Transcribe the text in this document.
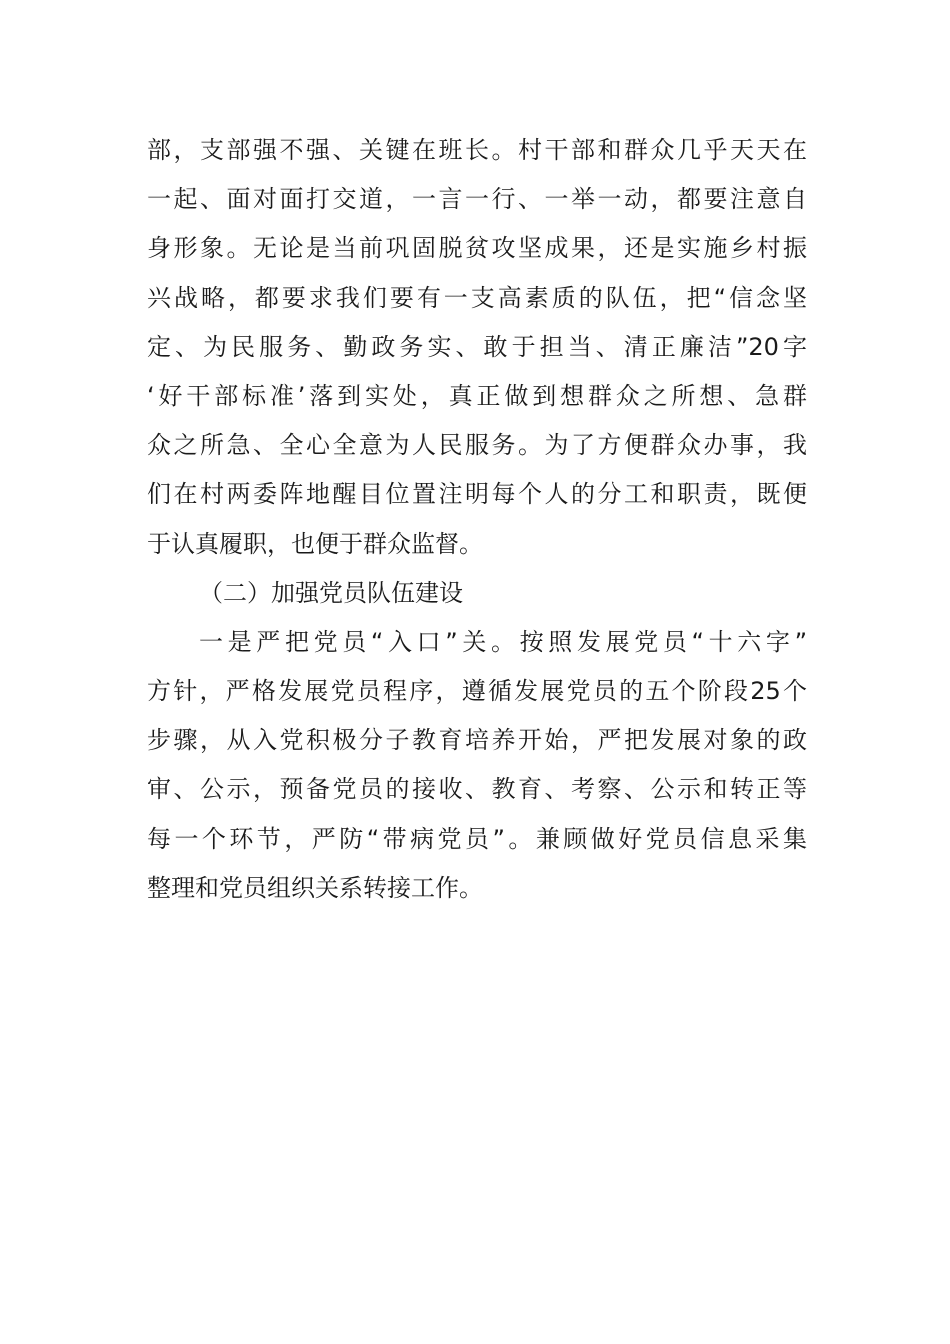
部，支部强不强、关键在班长。村干部和群众几乎天天在
一起、面对面打交道，一言一行、一举一动，都要注意自
身形象。无论是当前巩固脱贫攻坚成果，还是实施乡村振
兴战略，都要求我们要有一支高素质的队伍，把“信念坚
定、为民服务、勤政务实、敢于担当、清正廉洁”20字
‘好干部标准’落到实处，真正做到想群众之所想、急群
众之所急、全心全意为人民服务。为了方便群众办事，我
们在村两委阵地醒目位置注明每个人的分工和职责，既便
于认真履职，也便于群众监督。
（二）加强党员队伍建设
一是严把党员“入口”关。按照发展党员“十六字”
方针，严格发展党员程序，遵循发展党员的五个阶段25个
步骤，从入党积极分子教育培养开始，严把发展对象的政
审、公示，预备党员的接收、教育、考察、公示和转正等
每一个环节，严防“带病党员”。兼顾做好党员信息采集
整理和党员组织关系转接工作。
